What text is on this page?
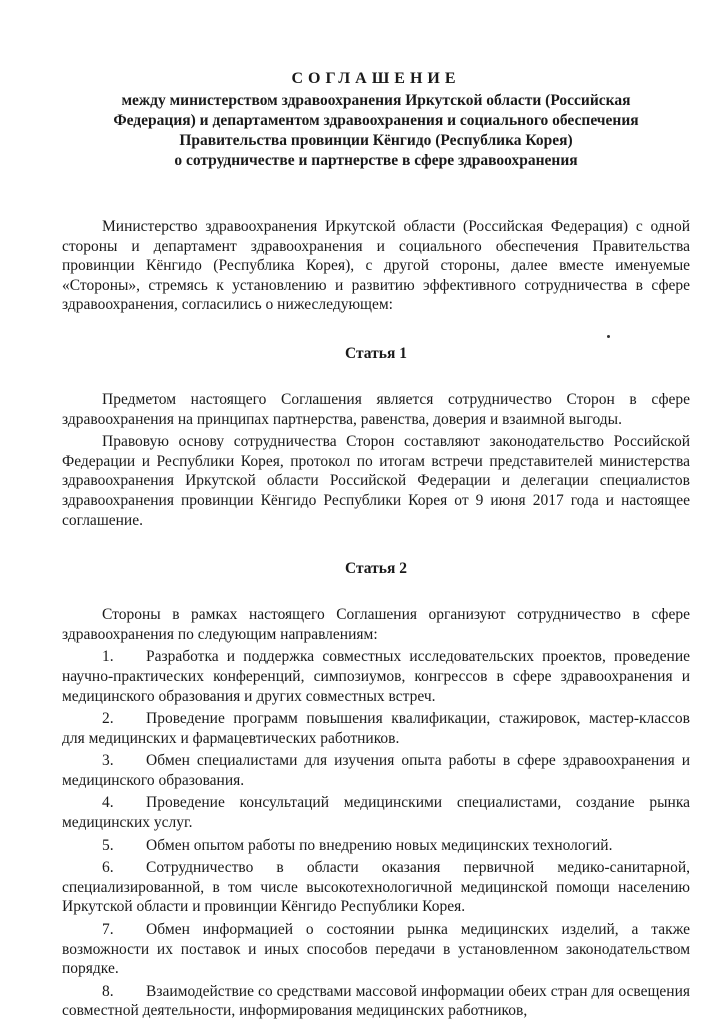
СОГЛАШЕНИЕ
между министерством здравоохранения Иркутской области (Российская
Федерация) и департаментом здравоохранения и социального обеспечения
Правительства провинции Кёнгидо (Республика Корея)
о сотрудничестве и партнерстве в сфере здравоохранения

Министерство здравоохранения Иркутской области (Российская Федерация) с одной стороны и департамент здравоохранения и социального обеспечения Правительства провинции Кёнгидо (Республика Корея), с другой стороны, далее вместе именуемые «Стороны», стремясь к установлению и развитию эффективного сотрудничества в сфере здравоохранения, согласились о нижеследующем:

Статья 1

Предметом настоящего Соглашения является сотрудничество Сторон в сфере здравоохранения на принципах партнерства, равенства, доверия и взаимной выгоды.

Правовую основу сотрудничества Сторон составляют законодательство Российской Федерации и Республики Корея, протокол по итогам встречи представителей министерства здравоохранения Иркутской области Российской Федерации и делегации специалистов здравоохранения провинции Кёнгидо Республики Корея от 9 июня 2017 года и настоящее соглашение.

Статья 2

Стороны в рамках настоящего Соглашения организуют сотрудничество в сфере здравоохранения по следующим направлениям:

1. Разработка и поддержка совместных исследовательских проектов, проведение научно-практических конференций, симпозиумов, конгрессов в сфере здравоохранения и медицинского образования и других совместных встреч.

2. Проведение программ повышения квалификации, стажировок, мастер-классов для медицинских и фармацевтических работников.

3. Обмен специалистами для изучения опыта работы в сфере здравоохранения и медицинского образования.

4. Проведение консультаций медицинскими специалистами, создание рынка медицинских услуг.

5. Обмен опытом работы по внедрению новых медицинских технологий.

6. Сотрудничество в области оказания первичной медико-санитарной, специализированной, в том числе высокотехнологичной медицинской помощи населению Иркутской области и провинции Кёнгидо Республики Корея.

7. Обмен информацией о состоянии рынка медицинских изделий, а также возможности их поставок и иных способов передачи в установленном законодательством порядке.

8. Взаимодействие со средствами массовой информации обеих стран для освещения совместной деятельности, информирования медицинских работников,
